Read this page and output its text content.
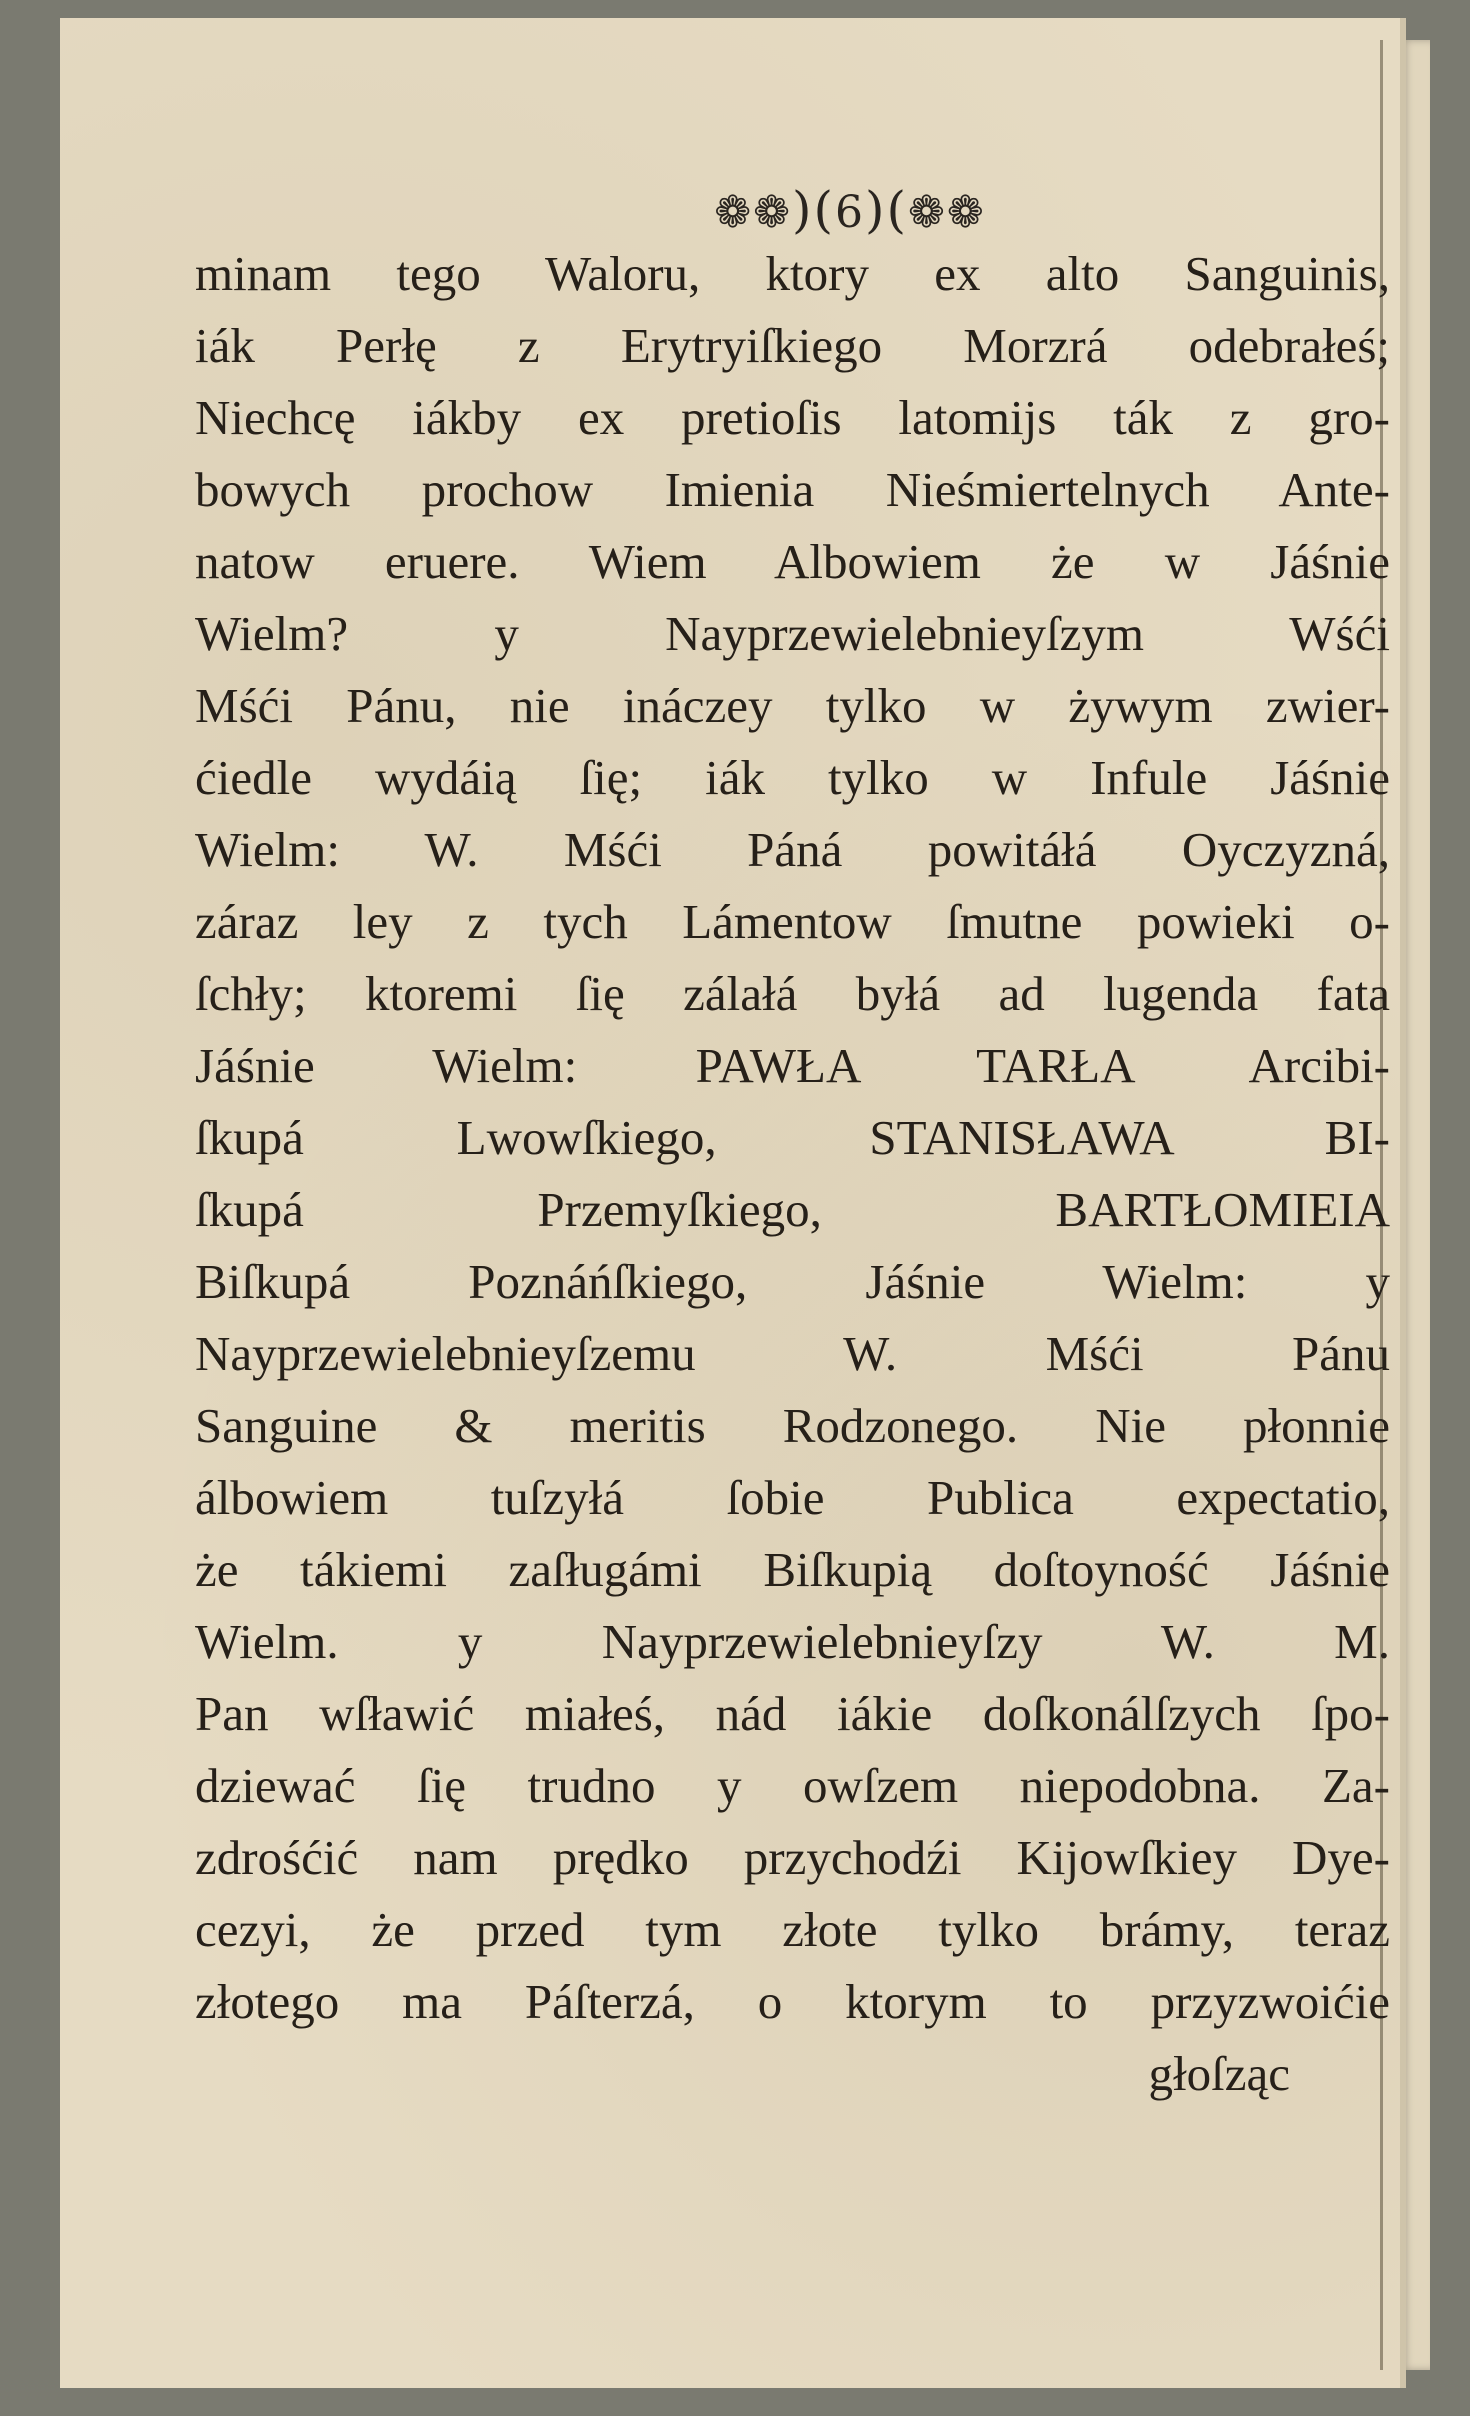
❁❁)(6)(❁❁
minam tego Waloru, ktory ex alto Sanguinis,
iák Perłę z Erytryiſkiego Morzrá odebrałeś;
Niechcę iákby ex pretioſis latomijs ták z gro-
bowych prochow Imienia Nieśmiertelnych Ante-
natow eruere. Wiem Albowiem że w Jáśnie
Wielm? y Nayprzewielebnieyſzym Wśći
Mśći Pánu, nie ináczey tylko w żywym zwier-
ćiedle wydáią ſię; iák tylko w Infule Jáśnie
Wielm: W. Mśći Páná powitáłá Oyczyzná,
záraz ley z tych Lámentow ſmutne powieki o-
ſchły; ktoremi ſię zálałá byłá ad lugenda fata
Jáśnie Wielm: PAWŁA TARŁA Arcibi-
ſkupá Lwowſkiego, STANISŁAWA BI-
ſkupá Przemyſkiego, BARTŁOMIEIA
Biſkupá Poznáńſkiego, Jáśnie Wielm: y
Nayprzewielebnieyſzemu W. Mśći Pánu
Sanguine & meritis Rodzonego. Nie płonnie
álbowiem tuſzyłá ſobie Publica expectatio,
że tákiemi zaſługámi Biſkupią doſtoyność Jáśnie
Wielm. y Nayprzewielebnieyſzy W. M.
Pan wſławić miałeś, nád iákie doſkonálſzych ſpo-
dziewać ſię trudno y owſzem niepodobna. Za-
zdrośćić nam prędko przychodźi Kijowſkiey Dye-
cezyi, że przed tym złote tylko brámy, teraz
złotego ma Páſterzá, o ktorym to przyzwoićie
głoſząc
